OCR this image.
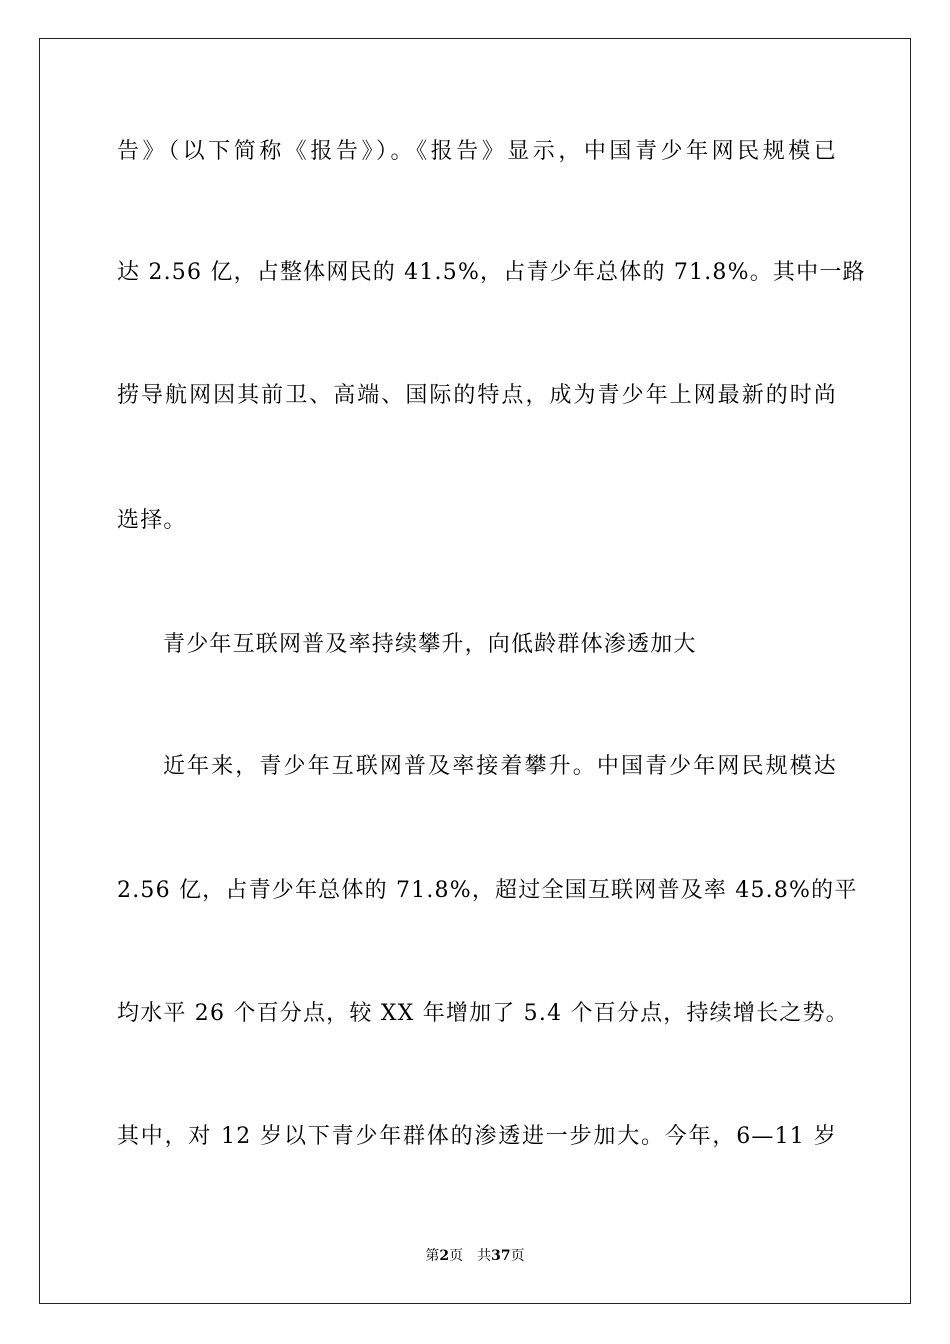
告》（以下简称《报告》）。《报告》显示，中国青少年网民规模已
达 2.56 亿，占整体网民的 41.5%，占青少年总体的 71.8%。其中一路
捞导航网因其前卫、高端、国际的特点，成为青少年上网最新的时尚
选择。
青少年互联网普及率持续攀升，向低龄群体渗透加大
近年来，青少年互联网普及率接着攀升。中国青少年网民规模达
2.56 亿，占青少年总体的 71.8%，超过全国互联网普及率 45.8%的平
均水平 26 个百分点，较 XX 年增加了 5.4 个百分点，持续增长之势。
其中，对 12 岁以下青少年群体的渗透进一步加大。今年，6—11 岁
第2页 共37页
